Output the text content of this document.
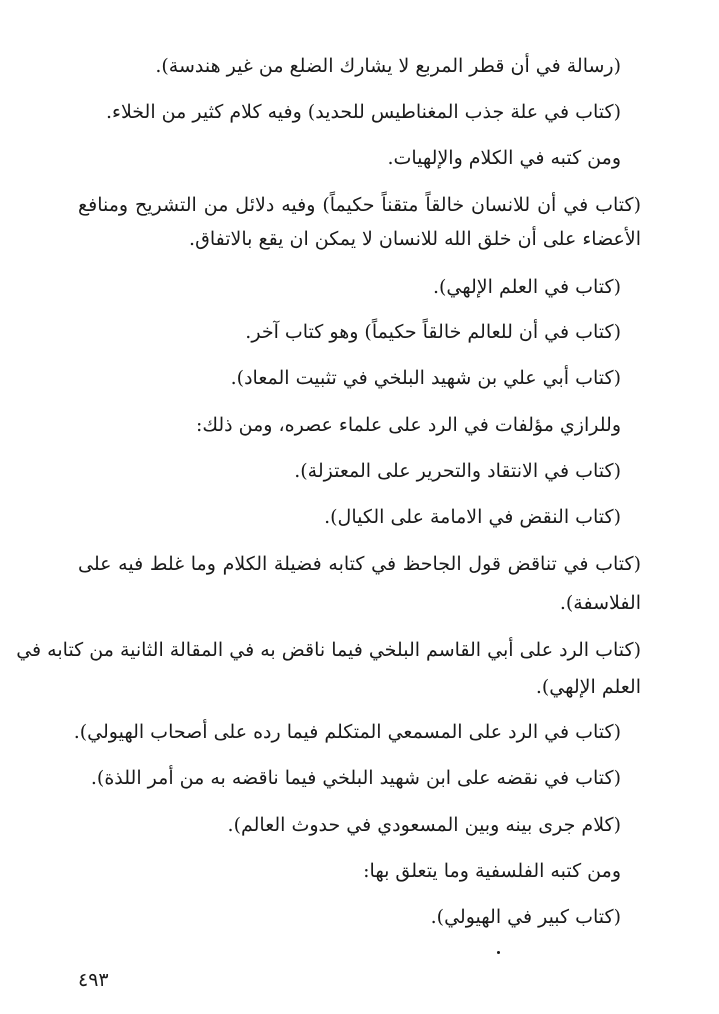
(رسالة في أن قطر المربع لا يشارك الضلع من غير هندسة).
(كتاب في علة جذب المغناطيس للحديد) وفيه كلام كثير من الخلاء.
ومن كتبه في الكلام والإلهيات.
(كتاب في أن للانسان خالقاً متقناً حكيماً) وفيه دلائل من التشريح ومنافع
الأعضاء على أن خلق الله للانسان لا يمكن ان يقع بالاتفاق.
(كتاب في العلم الإلهي).
(كتاب في أن للعالم خالقاً حكيماً) وهو كتاب آخر.
(كتاب أبي علي بن شهيد البلخي في تثبيت المعاد).
وللرازي مؤلفات في الرد على علماء عصره، ومن ذلك:
(كتاب في الانتقاد والتحرير على المعتزلة).
(كتاب النقض في الامامة على الكيال).
(كتاب في تناقض قول الجاحظ في كتابه فضيلة الكلام وما غلط فيه على
الفلاسفة).
(كتاب الرد على أبي القاسم البلخي فيما ناقض به في المقالة الثانية من كتابه في
العلم الإلهي).
(كتاب في الرد على المسمعي المتكلم فيما رده على أصحاب الهيولي).
(كتاب في نقضه على ابن شهيد البلخي فيما ناقضه به من أمر اللذة).
(كلام جرى بينه وبين المسعودي في حدوث العالم).
ومن كتبه الفلسفية وما يتعلق بها:
(كتاب كبير في الهيولي).
٤٩٣
